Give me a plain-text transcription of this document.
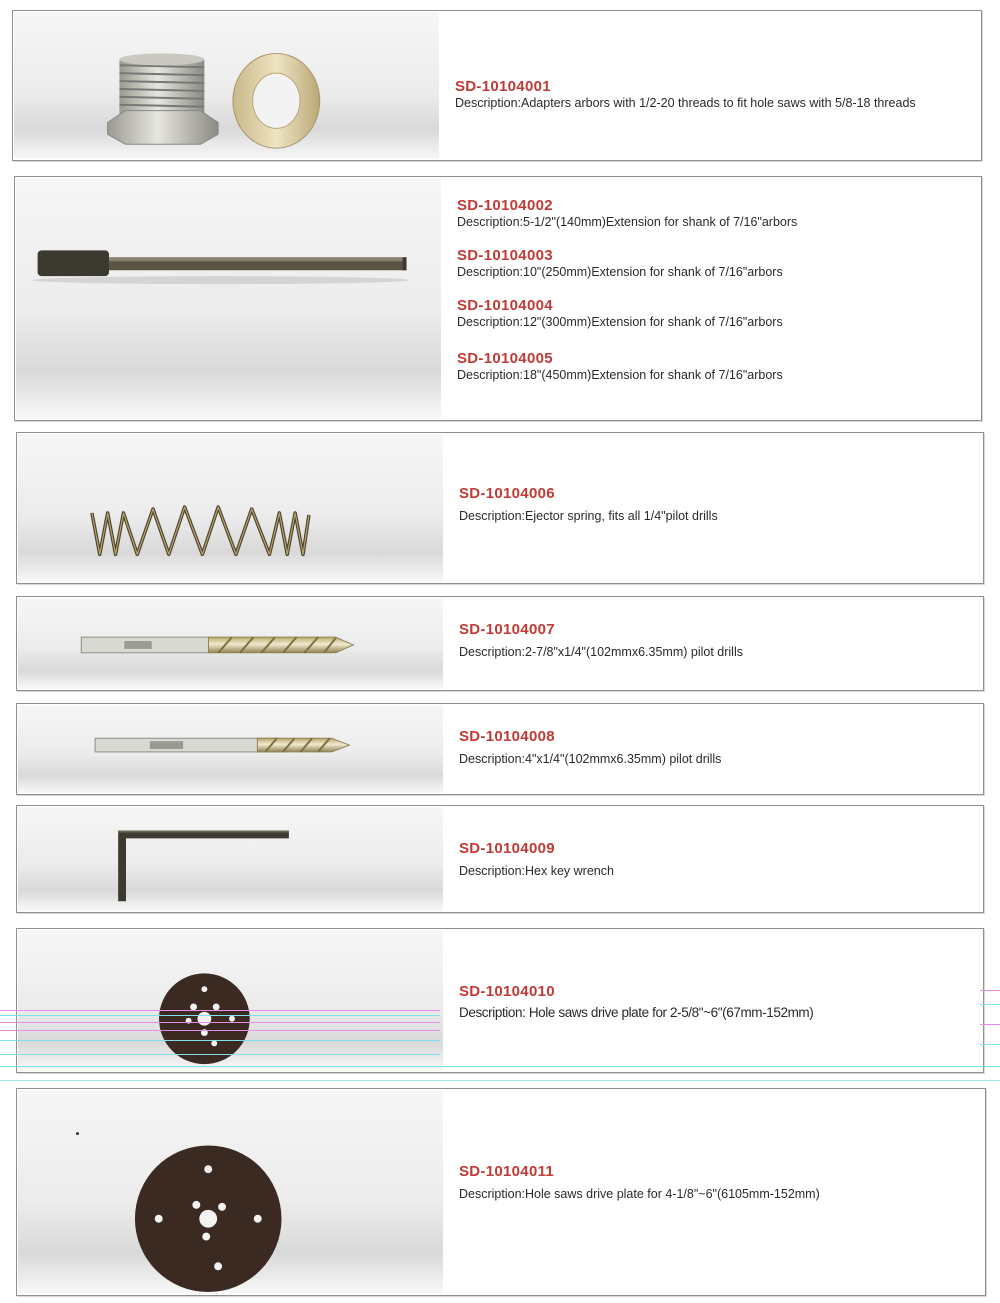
SD-10104001
Description:Adapters arbors with 1/2-20 threads to fit hole saws with 5/8-18 threads
SD-10104002
Description:5-1/2"(140mm)Extension for shank of 7/16"arbors
SD-10104003
Description:10"(250mm)Extension for shank of 7/16"arbors
SD-10104004
Description:12"(300mm)Extension for shank of 7/16"arbors
SD-10104005
Description:18"(450mm)Extension for shank of 7/16"arbors
SD-10104006
Description:Ejector spring, fits all 1/4"pilot drills
SD-10104007
Description:2-7/8"x1/4"(102mmx6.35mm) pilot drills
SD-10104008
Description:4"x1/4"(102mmx6.35mm) pilot drills
SD-10104009
Description:Hex key wrench
SD-10104010
Description: Hole saws drive plate for 2-5/8"~6"(67mm-152mm)
SD-10104011
Description:Hole saws drive plate for 4-1/8"~6"(6105mm-152mm)
